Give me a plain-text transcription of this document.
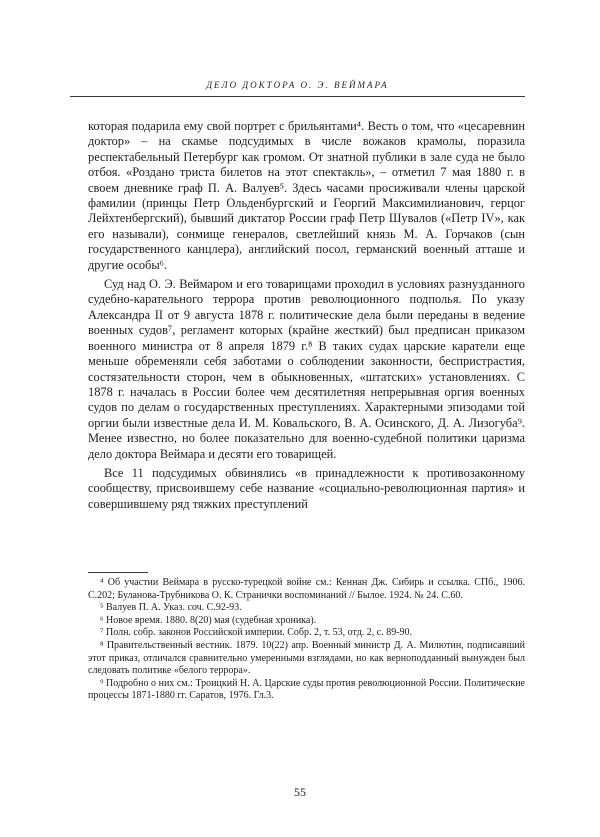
ДЕЛО ДОКТОРА О. Э. ВЕЙМАРА

которая подарила ему свой портрет с брильянтами⁴. Весть о том, что «цесаревнин доктор» – на скамье подсудимых в числе вожаков крамолы, поразила респектабельный Петербург как громом. От знатной публики в зале суда не было отбоя. «Роздано триста билетов на этот спектакль», – отметил 7 мая 1880 г. в своем дневнике граф П. А. Валуев⁵. Здесь часами просиживали члены царской фамилии (принцы Петр Ольденбургский и Георгий Максимилианович, герцог Лейхтенбергский), бывший диктатор России граф Петр Шувалов («Петр IV», как его называли), сонмище генералов, светлейший князь М. А. Горчаков (сын государственного канцлера), английский посол, германский военный атташе и другие особы⁶.

Суд над О. Э. Веймаром и его товарищами проходил в условиях разнузданного судебно-карательного террора против революционного подполья. По указу Александра II от 9 августа 1878 г. политические дела были переданы в ведение военных судов⁷, регламент которых (крайне жесткий) был предписан приказом военного министра от 8 апреля 1879 г.⁸ В таких судах царские каратели еще меньше обременяли себя заботами о соблюдении законности, беспристрастия, состязательности сторон, чем в обыкновенных, «штатских» установлениях. С 1878 г. началась в России более чем десятилетняя непрерывная оргия военных судов по делам о государственных преступлениях. Характерными эпизодами той оргии были известные дела И. М. Ковальского, В. А. Осинского, Д. А. Лизогуба⁹. Менее известно, но более показательно для военно-судебной политики царизма дело доктора Веймара и десяти его товарищей.

Все 11 подсудимых обвинялись «в принадлежности к противозаконному сообществу, присвоившему себе название «социально-революционная партия» и совершившему ряд тяжких преступлений

⁴ Об участии Веймара в русско-турецкой войне см.: Кеннан Дж. Сибирь и ссылка. СПб., 1906. С.202; Буланова-Трубникова О. К. Странички воспоминаний // Былое. 1924. № 24. С.60.

⁵ Валуев П. А. Указ. соч. С.92-93.

⁶ Новое время. 1880. 8(20) мая (судебная хроника).

⁷ Полн. собр. законов Российской империи. Собр. 2, т. 53, отд. 2, с. 89-90.

⁸ Правительственный вестник. 1879. 10(22) апр. Военный министр Д. А. Милютин, подписавший этот приказ, отличался сравнительно умеренными взглядами, но как верноподданный вынужден был следовать политике «белого террора».

⁹ Подробно о них см.: Троицкий Н. А. Царские суды против революционной России. Политические процессы 1871-1880 гг. Саратов, 1976. Гл.3.

55
